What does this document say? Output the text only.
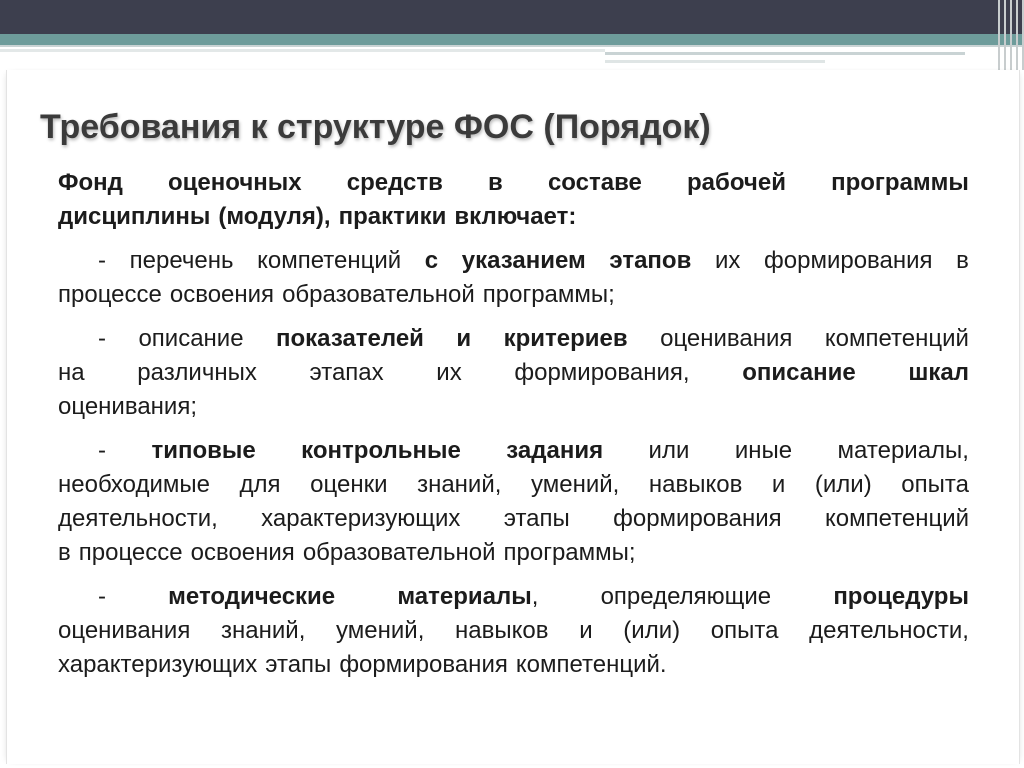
Требования к структуре ФОС (Порядок)

Фонд оценочных средств в составе рабочей программы
дисциплины (модуля), практики включает:

- перечень компетенций с указанием этапов их формирования в
процессе освоения образовательной программы;

- описание показателей и критериев оценивания компетенций
на различных этапах их формирования, описание шкал
оценивания;

- типовые контрольные задания или иные материалы,
необходимые для оценки знаний, умений, навыков и (или) опыта
деятельности, характеризующих этапы формирования компетенций
в процессе освоения образовательной программы;

-	методические	материалы,	определяющие	процедуры
оценивания знаний, умений, навыков и (или) опыта деятельности,
характеризующих этапы формирования компетенций.
